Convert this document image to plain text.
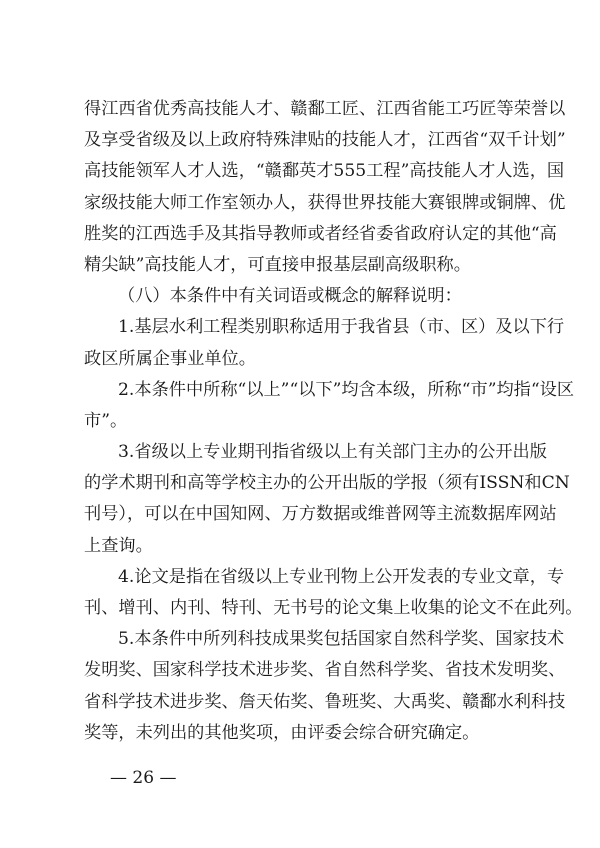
得江西省优秀高技能人才、赣鄱工匠、江西省能工巧匠等荣誉以
及享受省级及以上政府特殊津贴的技能人才，江西省“双千计划”
高技能领军人才人选，“赣鄱英才555工程”高技能人才人选，国
家级技能大师工作室领办人，获得世界技能大赛银牌或铜牌、优
胜奖的江西选手及其指导教师或者经省委省政府认定的其他“高
精尖缺”高技能人才，可直接申报基层副高级职称。
（八）本条件中有关词语或概念的解释说明：
1.基层水利工程类别职称适用于我省县（市、区）及以下行
政区所属企事业单位。
2.本条件中所称“以上”“以下”均含本级，所称“市”均指“设区
市”。
3.省级以上专业期刊指省级以上有关部门主办的公开出版
的学术期刊和高等学校主办的公开出版的学报（须有ISSN和CN
刊号），可以在中国知网、万方数据或维普网等主流数据库网站
上查询。
4.论文是指在省级以上专业刊物上公开发表的专业文章，专
刊、增刊、内刊、特刊、无书号的论文集上收集的论文不在此列。
5.本条件中所列科技成果奖包括国家自然科学奖、国家技术
发明奖、国家科学技术进步奖、省自然科学奖、省技术发明奖、
省科学技术进步奖、詹天佑奖、鲁班奖、大禹奖、赣鄱水利科技
奖等，未列出的其他奖项，由评委会综合研究确定。
— 26 —
